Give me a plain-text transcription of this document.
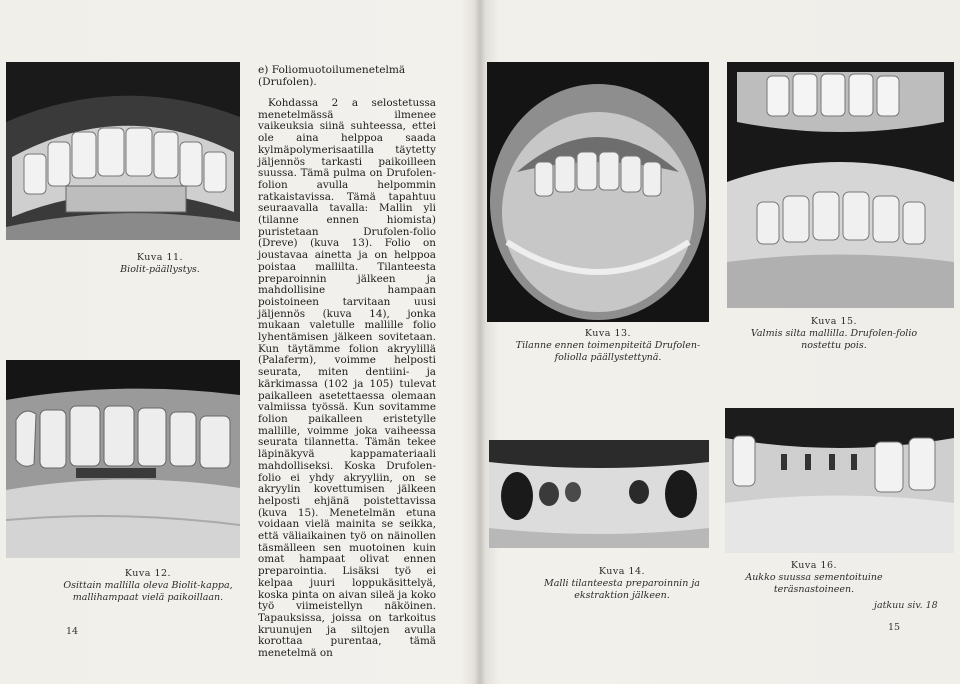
Kuva 11.
Biolit-päällystys.
Kuva 12.
Osittain mallilla oleva Biolit-kappa, mallihampaat vielä paikoillaan.
14
e) Foliomuotoilumenetelmä (Drufolen).

Kohdassa 2 a selostetussa menetelmässä ilmenee vaikeuksia siinä suhteessa, ettei ole aina helppoa saada kylmäpolymerisaatilla täytetty jäljennös tarkasti paikoilleen suussa. Tämä pulma on Drufolen-folion avulla helpommin ratkaistavissa. Tämä tapahtuu seuraavalla tavalla: Mallin yli (tilanne ennen hiomista) puristetaan Drufolen-folio (Dreve) (kuva 13). Folio on joustavaa ainetta ja on helppoa poistaa mallilta. Tilanteesta preparoinnin jälkeen ja mahdollisine hampaan poistoineen tarvitaan uusi jäljennös (kuva 14), jonka mukaan valetulle mallille folio lyhentämisen jälkeen sovitetaan. Kun täytämme folion akryylillä (Palaferm), voimme helposti seurata, miten dentiini- ja kärkimassa (102 ja 105) tulevat paikalleen asetettaessa olemaan valmiissa työssä. Kun sovitamme folion paikalleen eristetylle mallille, voimme joka vaiheessa seurata tilannetta. Tämän tekee läpinäkyvä kappamateriaali mahdolliseksi. Koska Drufolen-folio ei yhdy akryyliin, on se akryylin kovettumisen jälkeen helposti ehjänä poistettavissa (kuva 15). Menetelmän etuna voidaan vielä mainita se seikka, että väliaikainen työ on näinollen täsmälleen sen muotoinen kuin omat hampaat olivat ennen preparointia. Lisäksi työ ei kelpaa juuri loppukäsittelyä, koska pinta on aivan sileä ja koko työ viimeistellyn näköinen. Tapauksissa, joissa on tarkoitus kruunujen ja siltojen avulla korottaa purentaa, tämä menetelmä on

Kuva 13.
Tilanne ennen toimenpiteitä Drufolen-foliolla päällystettynä.
Kuva 15.
Valmis silta mallilla. Drufolen-folio nostettu pois.
Kuva 14.
Malli tilanteesta preparoinnin ja ekstraktion jälkeen.
Kuva 16.
Aukko suussa sementoituine teräsnastoineen.
jatkuu siv. 18
15
